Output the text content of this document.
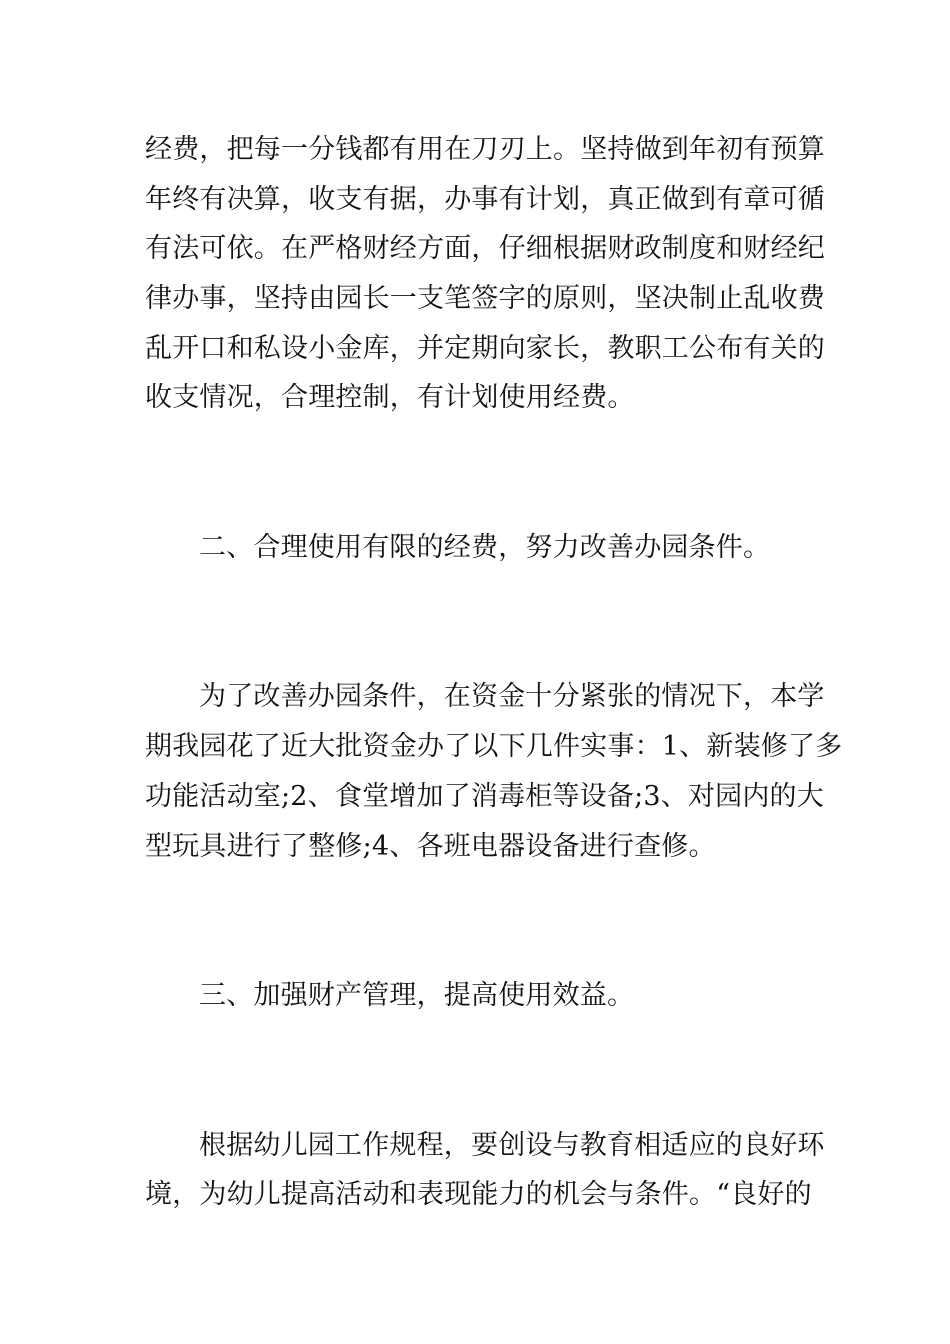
经费，把每一分钱都有用在刀刃上。坚持做到年初有预算
年终有决算，收支有据，办事有计划，真正做到有章可循
有法可依。在严格财经方面，仔细根据财政制度和财经纪
律办事，坚持由园长一支笔签字的原则，坚决制止乱收费
乱开口和私设小金库，并定期向家长，教职工公布有关的
收支情况，合理控制，有计划使用经费。
二、合理使用有限的经费，努力改善办园条件。
为了改善办园条件，在资金十分紧张的情况下，本学
期我园花了近大批资金办了以下几件实事：1、新装修了多
功能活动室;2、食堂增加了消毒柜等设备;3、对园内的大
型玩具进行了整修;4、各班电器设备进行查修。
三、加强财产管理，提高使用效益。
根据幼儿园工作规程，要创设与教育相适应的良好环
境，为幼儿提高活动和表现能力的机会与条件。“良好的
